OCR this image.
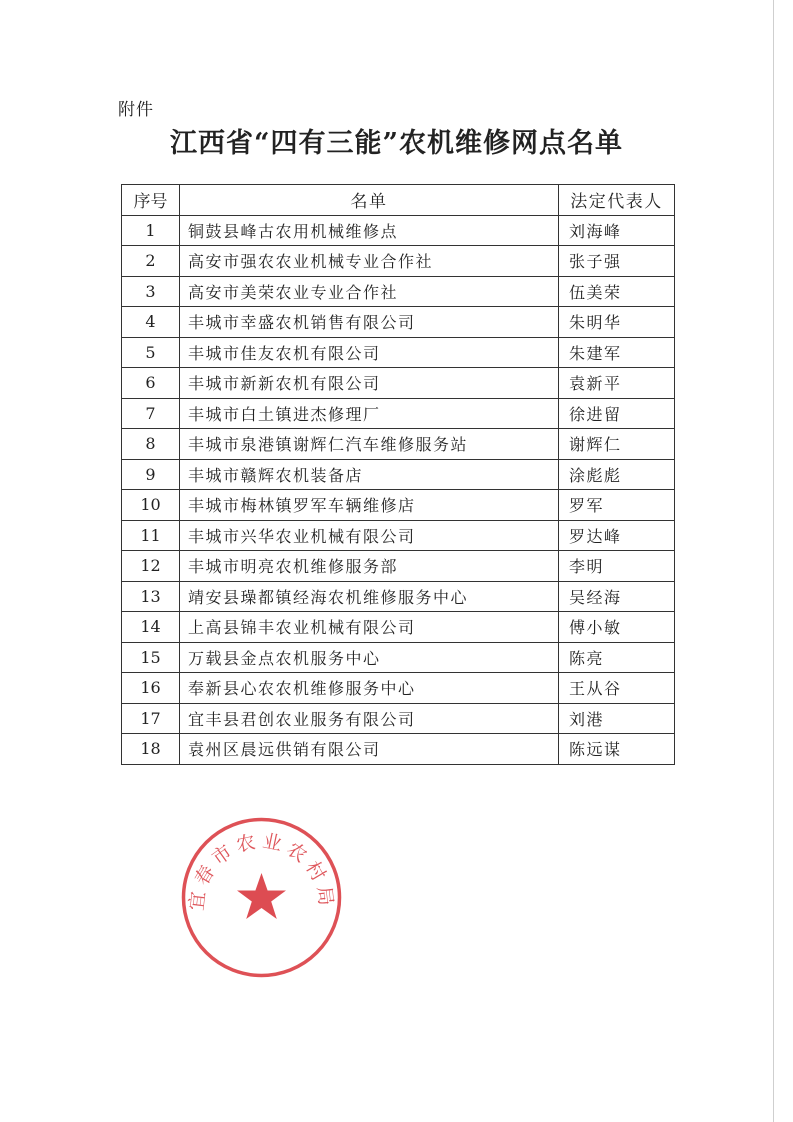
附件
江西省“四有三能”农机维修网点名单
序号	名单	法定代表人
1	铜鼓县峰古农用机械维修点	刘海峰
2	高安市强农农业机械专业合作社	张子强
3	高安市美荣农业专业合作社	伍美荣
4	丰城市幸盛农机销售有限公司	朱明华
5	丰城市佳友农机有限公司	朱建军
6	丰城市新新农机有限公司	袁新平
7	丰城市白土镇进杰修理厂	徐进留
8	丰城市泉港镇谢辉仁汽车维修服务站	谢辉仁
9	丰城市赣辉农机装备店	涂彪彪
10	丰城市梅林镇罗军车辆维修店	罗军
11	丰城市兴华农业机械有限公司	罗达峰
12	丰城市明亮农机维修服务部	李明
13	靖安县璪都镇经海农机维修服务中心	吴经海
14	上高县锦丰农业机械有限公司	傅小敏
15	万载县金点农机服务中心	陈亮
16	奉新县心农农机维修服务中心	王从谷
17	宜丰县君创农业服务有限公司	刘港
18	袁州区晨远供销有限公司	陈远谋
宜春市农业农村局
